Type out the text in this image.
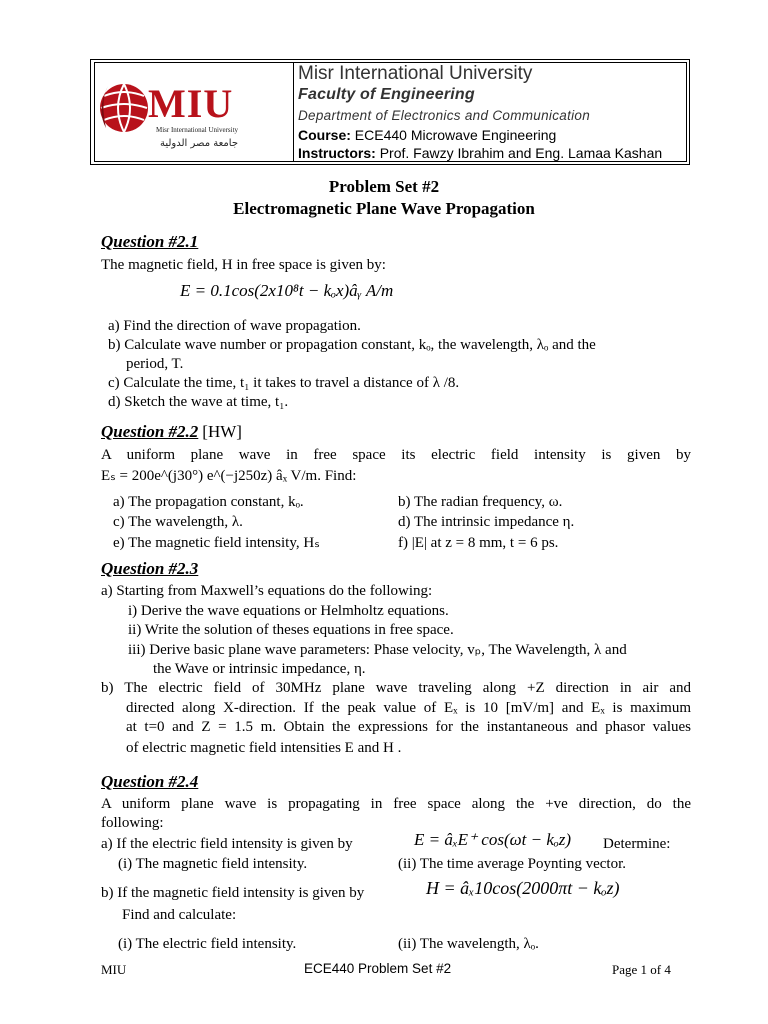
MIU
Misr International University
جامعة مصر الدولية
Misr International University
Faculty of Engineering
Department of Electronics and Communication
Course: ECE440 Microwave Engineering
Instructors: Prof. Fawzy Ibrahim and Eng. Lamaa Kashan
Problem Set #2
Electromagnetic Plane Wave Propagation
Question #2.1
The magnetic field, H in free space is given by:
E = 0.1cos(2x10⁸t − kₒx)âᵧ A/m
a) Find the direction of wave propagation.
b) Calculate wave number or propagation constant, kₒ, the wavelength, λₒ and the
period, T.
c) Calculate the time, t₁ it takes to travel a distance of λ /8.
d) Sketch the wave at time, t₁.
Question #2.2 [HW]
A uniform plane wave in free space its electric field intensity is given by
Eₛ = 200e^(j30°) e^(−j250z) âₓ V/m. Find:
a) The propagation constant, kₒ.	b) The radian frequency, ω.
c) The wavelength, λ.	d) The intrinsic impedance η.
e) The magnetic field intensity, Hₛ	f) |E| at z = 8 mm, t = 6 ps.
Question #2.3
a) Starting from Maxwell’s equations do the following:
i) Derive the wave equations or Helmholtz equations.
ii) Write the solution of theses equations in free space.
iii) Derive basic plane wave parameters: Phase velocity, vₚ, The Wavelength, λ and
the Wave or intrinsic impedance, η.
b) The electric field of 30MHz plane wave traveling along +Z direction in air and
directed along X-direction. If the peak value of Eₓ is 10 [mV/m] and Eₓ is maximum
at t=0 and Z = 1.5 m. Obtain the expressions for the instantaneous and phasor values
of electric magnetic field intensities E and H .
Question #2.4
A uniform plane wave is propagating in free space along the +ve direction, do the
following:
a) If the electric field intensity is given by	E = âₓE⁺ cos(ωt − kₒz) Determine:
(i) The magnetic field intensity.	(ii) The time average Poynting vector.
b) If the magnetic field intensity is given by	H = âₓ10cos(2000πt − kₒz)
Find and calculate:
(i) The electric field intensity.	(ii) The wavelength, λₒ.
MIU	ECE440 Problem Set #2	Page 1 of 4
